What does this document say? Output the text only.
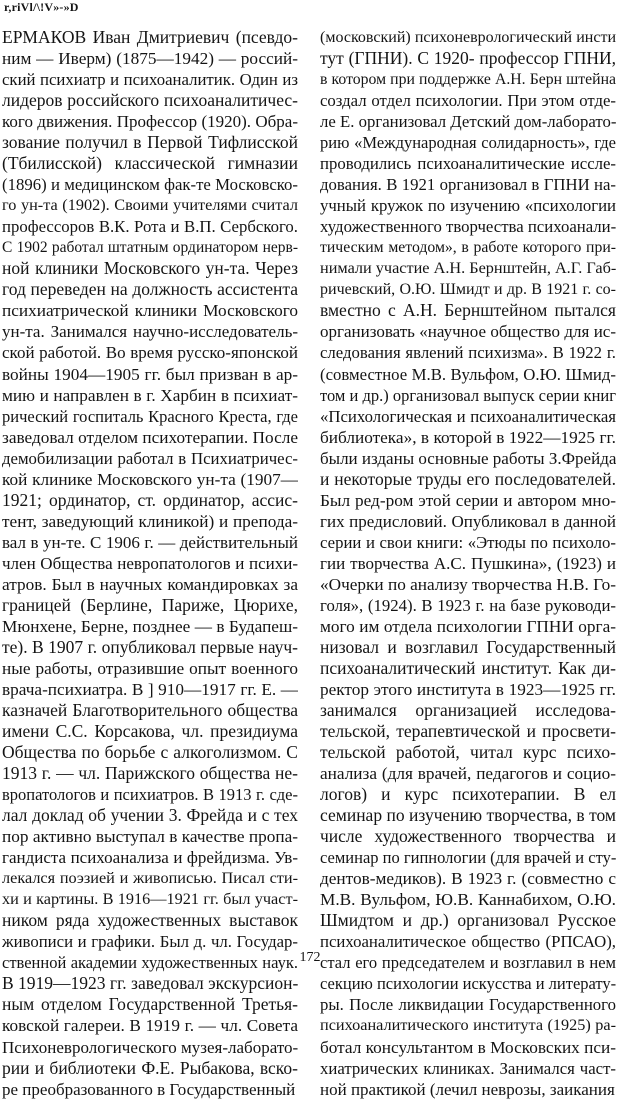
r,riVl/\!V»-»D
ЕРМАКОВ Иван Дмитриевич (псевдо-
ним — Иверм) (1875—1942) — россий-
ский психиатр и психоаналитик. Один из
лидеров российского психоаналитичес-
кого движения. Профессор (1920). Обра-
зование получил в Первой Тифлисской
(Тбилисской) классической гимназии
(1896) и медицинском фак-те Московско-
го ун-та (1902). Своими учителями считал
профессоров В.К. Рота и В.П. Сербского.
С 1902 работал штатным ординатором нерв-
ной клиники Московского ун-та. Через
год переведен на должность ассистента
психиатрической клиники Московского
ун-та. Занимался научно-исследователь-
ской работой. Во время русско-японской
войны 1904—1905 гг. был призван в ар-
мию и направлен в г. Харбин в психиат-
рический госпиталь Красного Креста, где
заведовал отделом психотерапии. После
демобилизации работал в Психиатричес-
кой клинике Московского ун-та (1907—
1921; ординатор, ст. ординатор, ассис-
тент, заведующий клиникой) и препода-
вал в ун-те. С 1906 г. — действительный
член Общества невропатологов и психи-
атров. Был в научных командировках за
границей (Берлине, Париже, Цюрихе,
Мюнхене, Берне, позднее — в Будапеш-
те). В 1907 г. опубликовал первые науч-
ные работы, отразившие опыт военного
врача-психиатра. В ] 910—1917 гг. Е. —
казначей Благотворительного общества
имени С.С. Корсакова, чл. президиума
Общества по борьбе с алкоголизмом. С
1913 г. — чл. Парижского общества не-
вропатологов и психиатров. В 1913 г. сде-
лал доклад об учении 3. Фрейда и с тех
пор активно выступал в качестве пропа-
гандиста психоанализа и фрейдизма. Ув-
лекался поэзией и живописью. Писал сти-
хи и картины. В 1916—1921 гг. был участ-
ником ряда художественных выставок
живописи и графики. Был д. чл. Государ-
ственной академии художественных наук.
В 1919—1923 гг. заведовал экскурсион-
ным отделом Государственной Третья-
ковской галереи. В 1919 г. — чл. Совета
Психоневрологического музея-лаборато-
рии и библиотеки Ф.Е. Рыбакова, вско-
ре преобразованного в Государственный
(московский) психоневрологический инсти
тут (ГПНИ). С 1920- профессор ГПНИ,
в котором при поддержке А.Н. Берн штейна
создал отдел психологии. При этом отде-
ле Е. организовал Детский дом-лаборато-
рию «Международная солидарность», где
проводились психоаналитические иссле-
дования. В 1921 организовал в ГПНИ на-
учный кружок по изучению «психологии
художественного творчества психоанали-
тическим методом», в работе которого при-
нимали участие А.Н. Бернштейн, А.Г. Габ-
ричевский, О.Ю. Шмидт и др. В 1921 г. со-
вместно с А.Н. Бернштейном пытался
организовать «научное общество для ис-
следования явлений психизма». В 1922 г.
(совместное М.В. Вульфом, О.Ю. Шмид-
том и др.) организовал выпуск серии книг
«Психологическая и психоаналитическая
библиотека», в которой в 1922—1925 гг.
были изданы основные работы З.Фрейда
и некоторые труды его последователей.
Был ред-ром этой серии и автором мно-
гих предисловий. Опубликовал в данной
серии и свои книги: «Этюды по психоло-
гии творчества А.С. Пушкина», (1923) и
«Очерки по анализу творчества Н.В. Го-
голя», (1924). В 1923 г. на базе руководи-
мого им отдела психологии ГПНИ орга-
низовал и возглавил Государственный
психоаналитический институт. Как ди-
ректор этого института в 1923—1925 гг.
занимался организацией исследова-
тельской, терапевтической и просвети-
тельской работой, читал курс психо-
анализа (для врачей, педагогов и социо-
логов) и курс психотерапии. В ел
семинар по изучению творчества, в том
числе художественного творчества и
семинар по гипнологии (для врачей и сту-
дентов-медиков). В 1923 г. (совместно с
М.В. Вульфом, Ю.В. Каннабихом, О.Ю.
Шмидтом и др.) организовал Русское
психоаналитическое общество (РПСАО),
стал его председателем и возглавил в нем
секцию психологии искусства и литерату-
ры. После ликвидации Государственного
психоаналитического института (1925) ра-
ботал консультантом в Московских пси-
хиатрических клиниках. Занимался част-
ной практикой (лечил неврозы, заикания
172
